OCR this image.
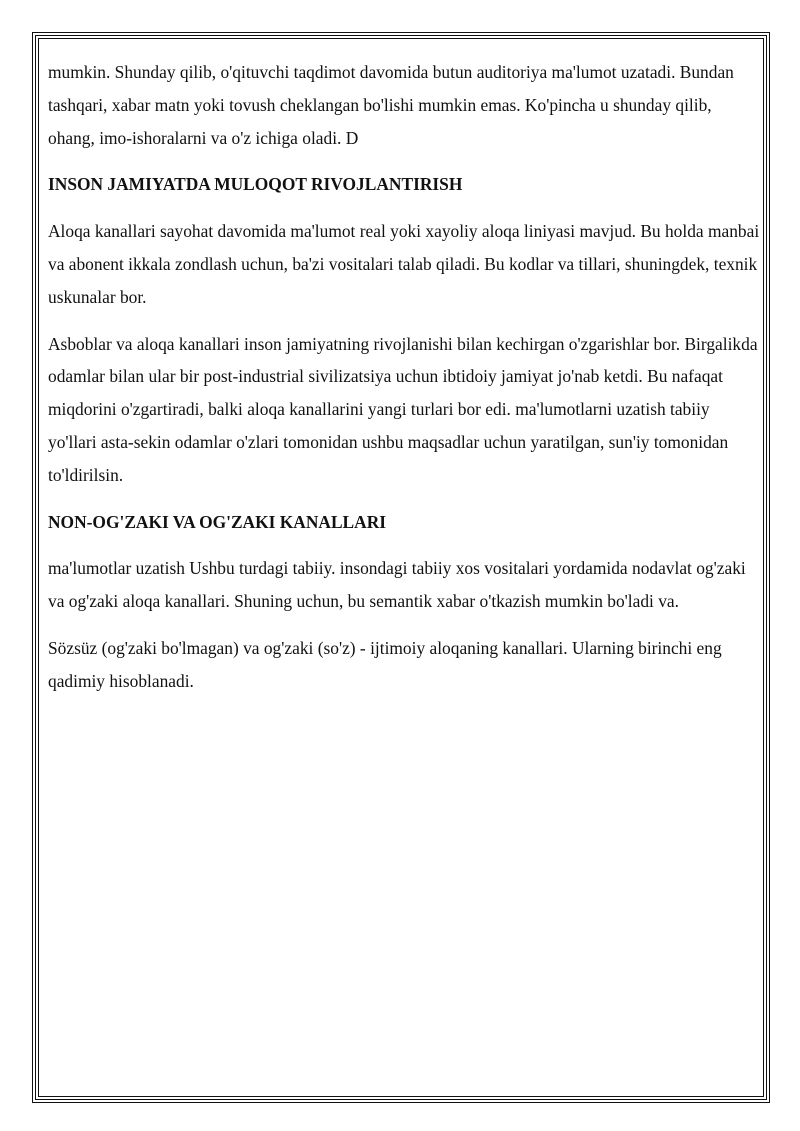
mumkin. Shunday qilib, o'qituvchi taqdimot davomida butun auditoriya ma'lumot uzatadi. Bundan tashqari, xabar matn yoki tovush cheklangan bo'lishi mumkin emas. Ko'pincha u shunday qilib, ohang, imo-ishoralarni va o'z ichiga oladi. D

INSON JAMIYATDA MULOQOT RIVOJLANTIRISH

Aloqa kanallari sayohat davomida ma'lumot real yoki xayoliy aloqa liniyasi mavjud. Bu holda manbai va abonent ikkala zondlash uchun, ba'zi vositalari talab qiladi. Bu kodlar va tillari, shuningdek, texnik uskunalar bor.

Asboblar va aloqa kanallari inson jamiyatning rivojlanishi bilan kechirgan o'zgarishlar bor. Birgalikda odamlar bilan ular bir post-industrial sivilizatsiya uchun ibtidoiy jamiyat jo'nab ketdi. Bu nafaqat miqdorini o'zgartiradi, balki aloqa kanallarini yangi turlari bor edi. ma'lumotlarni uzatish tabiiy yo'llari asta-sekin odamlar o'zlari tomonidan ushbu maqsadlar uchun yaratilgan, sun'iy tomonidan to'ldirilsin.

NON-OG'ZAKI VA OG'ZAKI KANALLARI

ma'lumotlar uzatish Ushbu turdagi tabiiy. insondagi tabiiy xos vositalari yordamida nodavlat og'zaki va og'zaki aloqa kanallari. Shuning uchun, bu semantik xabar o'tkazish mumkin bo'ladi va.

Sözsüz (og'zaki bo'lmagan) va og'zaki (so'z) - ijtimoiy aloqaning kanallari. Ularning birinchi eng qadimiy hisoblanadi.
